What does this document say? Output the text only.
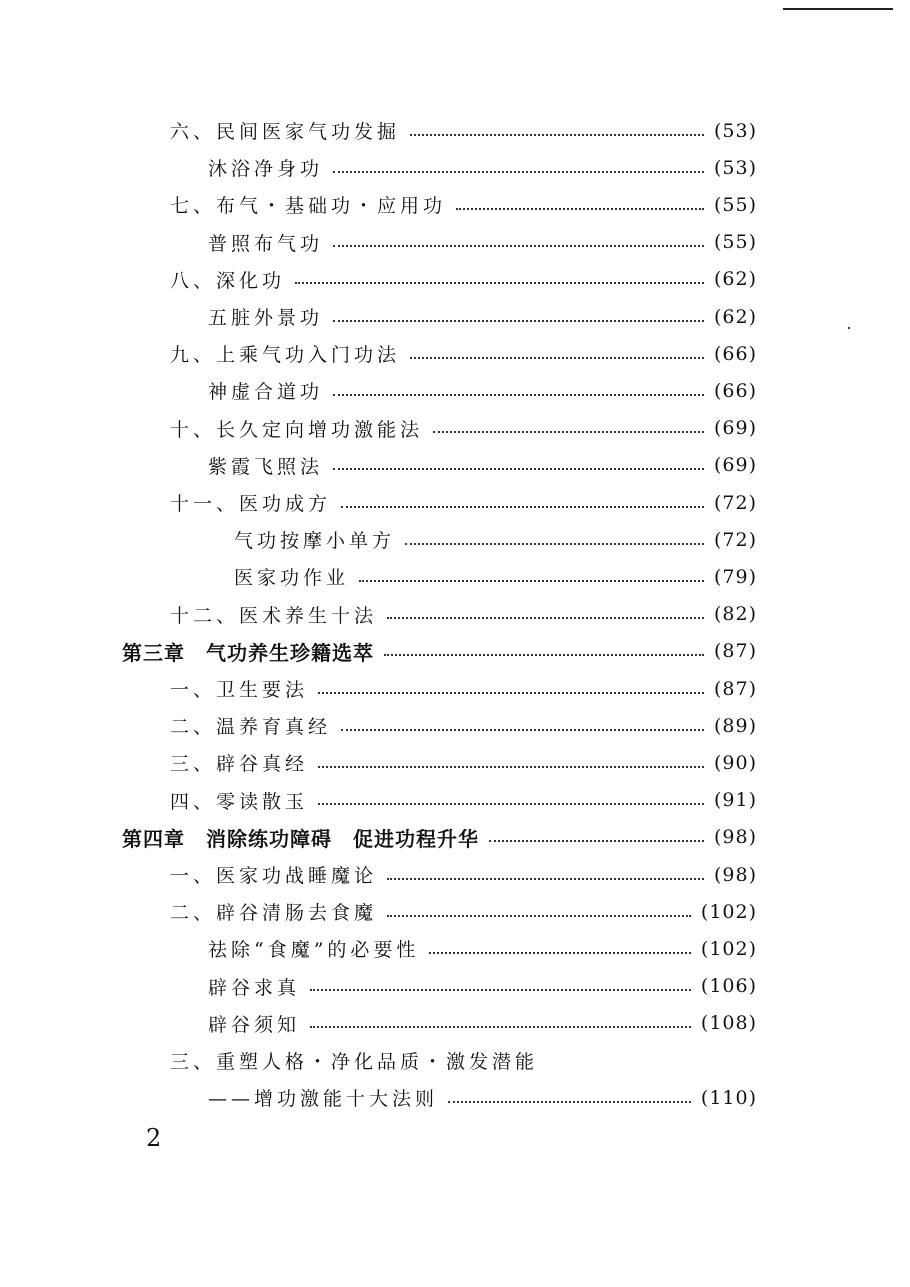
六、民间医家气功发掘	(53)
沐浴净身功	(53)
七、布气・基础功・应用功	(55)
普照布气功	(55)
八、深化功	(62)
五脏外景功	(62)
九、上乘气功入门功法	(66)
神虚合道功	(66)
十、长久定向增功激能法	(69)
紫霞飞照法	(69)
十一、医功成方	(72)
气功按摩小单方	(72)
医家功作业	(79)
十二、医术养生十法	(82)
第三章　气功养生珍籍选萃	(87)
一、卫生要法	(87)
二、温养育真经	(89)
三、辟谷真经	(90)
四、零读散玉	(91)
第四章　消除练功障碍　促进功程升华	(98)
一、医家功战睡魔论	(98)
二、辟谷清肠去食魔	(102)
祛除“食魔”的必要性	(102)
辟谷求真	(106)
辟谷须知	(108)
三、重塑人格・净化品质・激发潜能
——增功激能十大法则	(110)
2
